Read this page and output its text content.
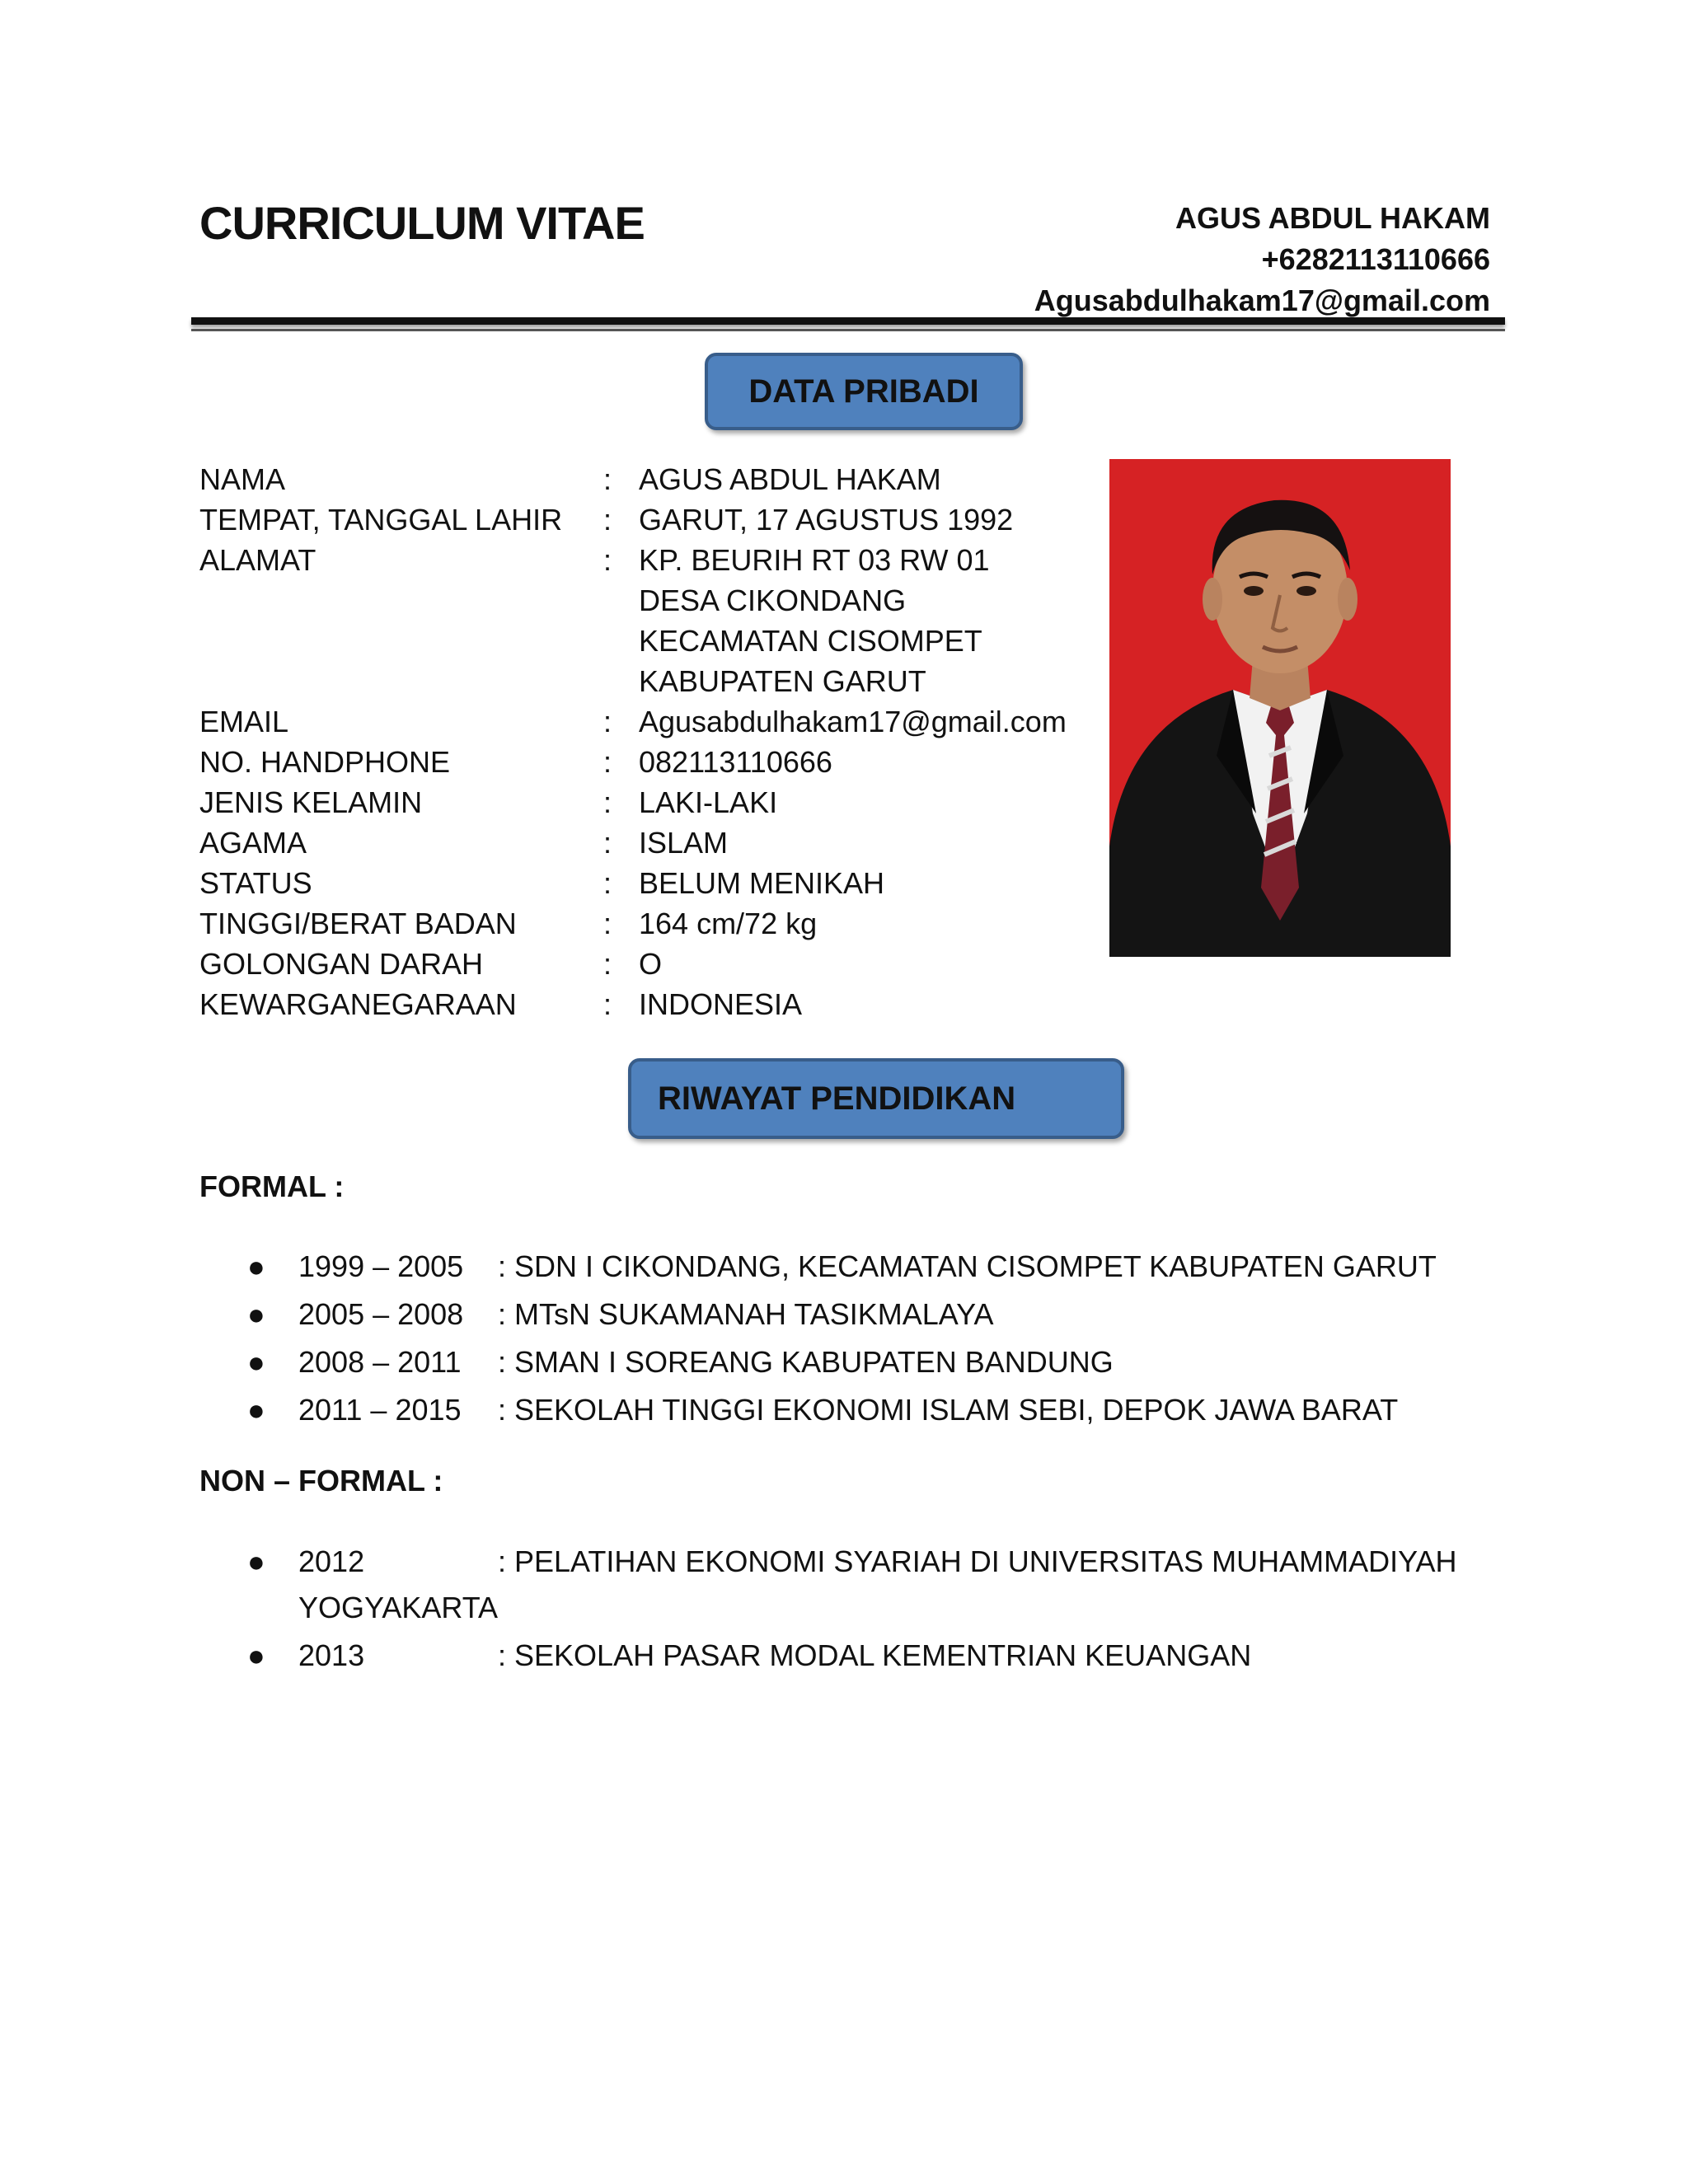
CURRICULUM VITAE	AGUS ABDUL HAKAM
+6282113110666
Agusabdulhakam17@gmail.com
DATA PRIBADI
NAMA	: AGUS ABDUL HAKAM
TEMPAT, TANGGAL LAHIR	: GARUT, 17 AGUSTUS 1992
ALAMAT	: KP. BEURIH RT 03 RW 01
DESA CIKONDANG
KECAMATAN CISOMPET
KABUPATEN GARUT
EMAIL	: Agusabdulhakam17@gmail.com
NO. HANDPHONE	: 082113110666
JENIS KELAMIN	: LAKI-LAKI
AGAMA	: ISLAM
STATUS	: BELUM MENIKAH
TINGGI/BERAT BADAN	: 164 cm/72 kg
GOLONGAN DARAH	: O
KEWARGANEGARAAN	: INDONESIA
RIWAYAT PENDIDIKAN
FORMAL :
● 1999 – 2005	: SDN I CIKONDANG, KECAMATAN CISOMPET KABUPATEN GARUT
● 2005 – 2008	: MTsN SUKAMANAH TASIKMALAYA
● 2008 – 2011	: SMAN I SOREANG KABUPATEN BANDUNG
● 2011 – 2015	: SEKOLAH TINGGI EKONOMI ISLAM SEBI, DEPOK JAWA BARAT
NON – FORMAL :
● 2012	: PELATIHAN EKONOMI SYARIAH DI UNIVERSITAS MUHAMMADIYAH
YOGYAKARTA
● 2013	: SEKOLAH PASAR MODAL KEMENTRIAN KEUANGAN
